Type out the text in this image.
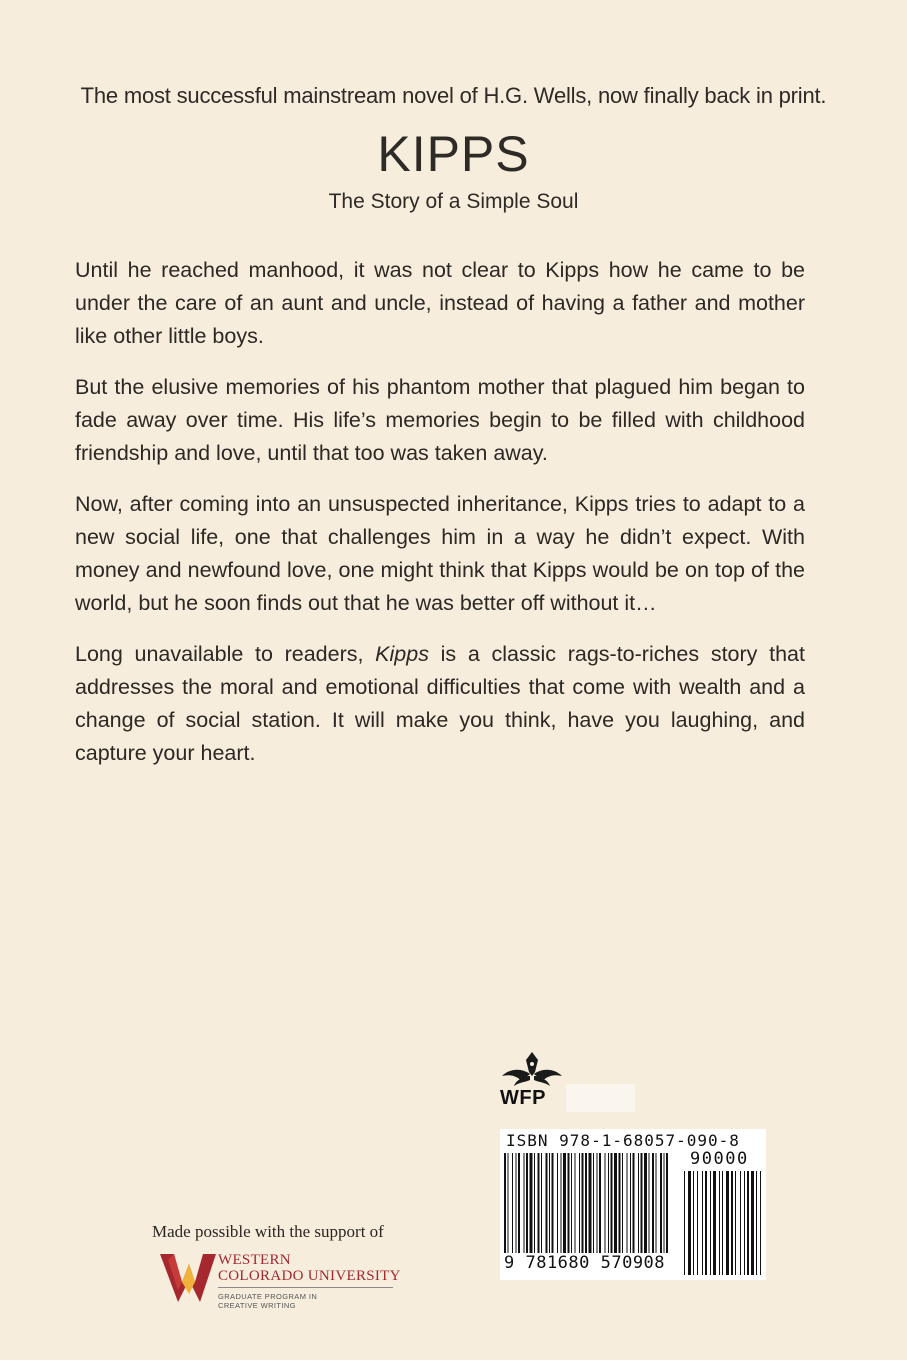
The most successful mainstream novel of H.G. Wells, now finally back in print.
KIPPS
The Story of a Simple Soul

Until he reached manhood, it was not clear to Kipps how he came to be under the care of an aunt and uncle, instead of having a father and mother like other little boys.

But the elusive memories of his phantom mother that plagued him began to fade away over time. His life’s memories begin to be filled with childhood friendship and love, until that too was taken away.

Now, after coming into an unsuspected inheritance, Kipps tries to adapt to a new social life, one that challenges him in a way he didn’t expect. With money and newfound love, one might think that Kipps would be on top of the world, but he soon finds out that he was better off without it…

Long unavailable to readers, Kipps is a classic rags-to-riches story that addresses the moral and emotional difficulties that come with wealth and a change of social station. It will make you think, have you laughing, and capture your heart.

WFP
ISBN 978-1-68057-090-8
90000
9 781680 570908
Made possible with the support of
WESTERN
COLORADO UNIVERSITY
GRADUATE PROGRAM IN
CREATIVE WRITING
